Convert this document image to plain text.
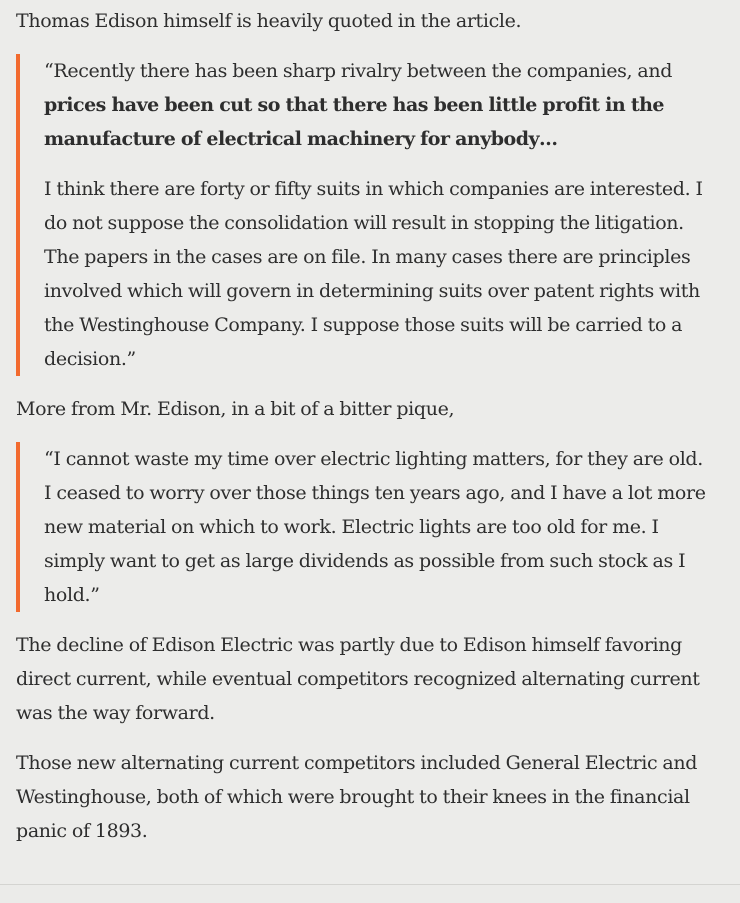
Thomas Edison himself is heavily quoted in the article.

“Recently there has been sharp rivalry between the companies, and prices have been cut so that there has been little profit in the manufacture of electrical machinery for anybody…

I think there are forty or fifty suits in which companies are interested. I do not suppose the consolidation will result in stopping the litigation. The papers in the cases are on file. In many cases there are principles involved which will govern in determining suits over patent rights with the Westinghouse Company. I suppose those suits will be carried to a decision.”

More from Mr. Edison, in a bit of a bitter pique,

“I cannot waste my time over electric lighting matters, for they are old. I ceased to worry over those things ten years ago, and I have a lot more new material on which to work. Electric lights are too old for me. I simply want to get as large dividends as possible from such stock as I hold.”

The decline of Edison Electric was partly due to Edison himself favoring direct current, while eventual competitors recognized alternating current was the way forward.

Those new alternating current competitors included General Electric and Westinghouse, both of which were brought to their knees in the financial panic of 1893.
